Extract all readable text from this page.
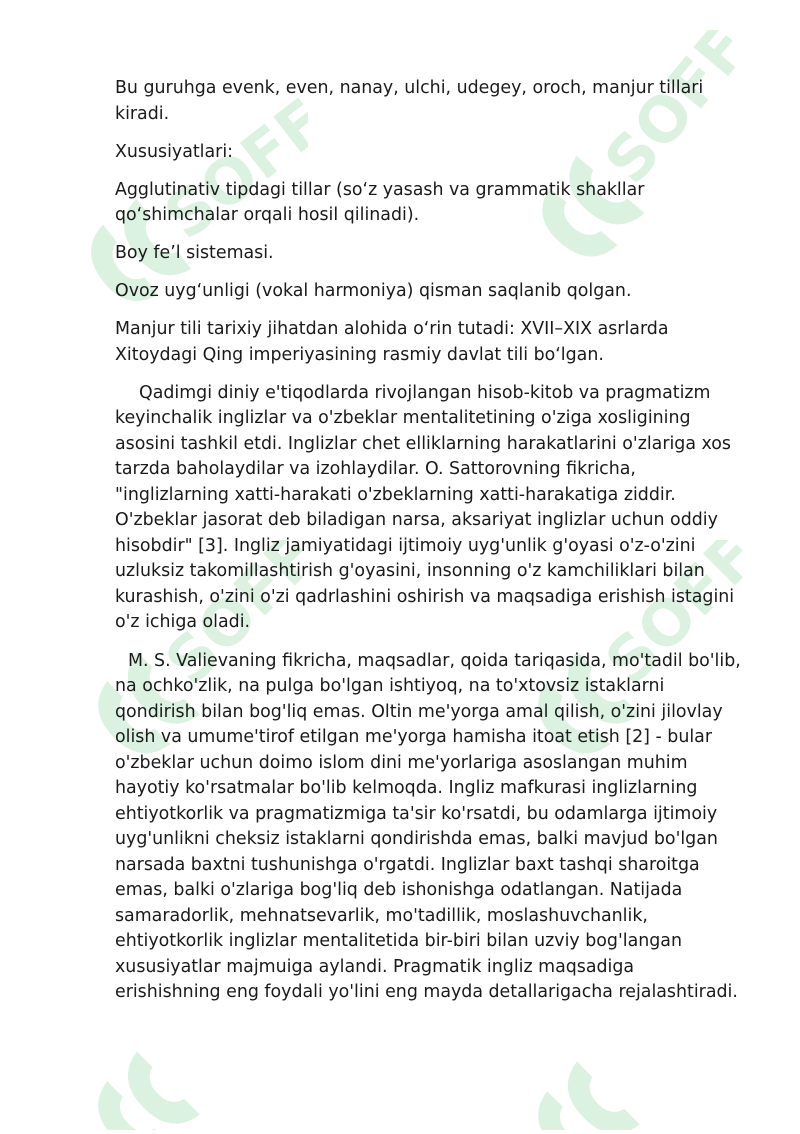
SOFF	SOFF
SOFF	SOFF

Bu guruhga evenk, even, nanay, ulchi, udegey, oroch, manjur tillari kiradi.

Xususiyatlari:

Agglutinativ tipdagi tillar (so‘z yasash va grammatik shakllar qo‘shimchalar orqali hosil qilinadi).

Boy fe’l sistemasi.

Ovoz uyg‘unligi (vokal harmoniya) qisman saqlanib qolgan.

Manjur tili tarixiy jihatdan alohida o‘rin tutadi: XVII–XIX asrlarda Xitoydagi Qing imperiyasining rasmiy davlat tili bo‘lgan.

Qadimgi diniy e'tiqodlarda rivojlangan hisob-kitob va pragmatizm keyinchalik inglizlar va o'zbeklar mentalitetining o'ziga xosligining asosini tashkil etdi. Inglizlar chet elliklarning harakatlarini o'zlariga xos tarzda baholaydilar va izohlaydilar. O. Sattorovning fikricha, "inglizlarning xatti-harakati o'zbeklarning xatti-harakatiga ziddir. O'zbeklar jasorat deb biladigan narsa, aksariyat inglizlar uchun oddiy hisobdir" [3]. Ingliz jamiyatidagi ijtimoiy uyg'unlik g'oyasi o'z-o'zini uzluksiz takomillashtirish g'oyasini, insonning o'z kamchiliklari bilan kurashish, o'zini o'zi qadrlashini oshirish va maqsadiga erishish istagini o'z ichiga oladi.

M. S. Valievaning fikricha, maqsadlar, qoida tariqasida, mo'tadil bo'lib, na ochko'zlik, na pulga bo'lgan ishtiyoq, na to'xtovsiz istaklarni qondirish bilan bog'liq emas. Oltin me'yorga amal qilish, o'zini jilovlay olish va umume'tirof etilgan me'yorga hamisha itoat etish [2] - bular o'zbeklar uchun doimo islom dini me'yorlariga asoslangan muhim hayotiy ko'rsatmalar bo'lib kelmoqda. Ingliz mafkurasi inglizlarning ehtiyotkorlik va pragmatizmiga ta'sir ko'rsatdi, bu odamlarga ijtimoiy uyg'unlikni cheksiz istaklarni qondirishda emas, balki mavjud bo'lgan narsada baxtni tushunishga o'rgatdi. Inglizlar baxt tashqi sharoitga emas, balki o'zlariga bog'liq deb ishonishga odatlangan. Natijada samaradorlik, mehnatsevarlik, mo'tadillik, moslashuvchanlik, ehtiyotkorlik inglizlar mentalitetida bir-biri bilan uzviy bog'langan xususiyatlar majmuiga aylandi. Pragmatik ingliz maqsadiga erishishning eng foydali yo'lini eng mayda detallarigacha rejalashtiradi.
